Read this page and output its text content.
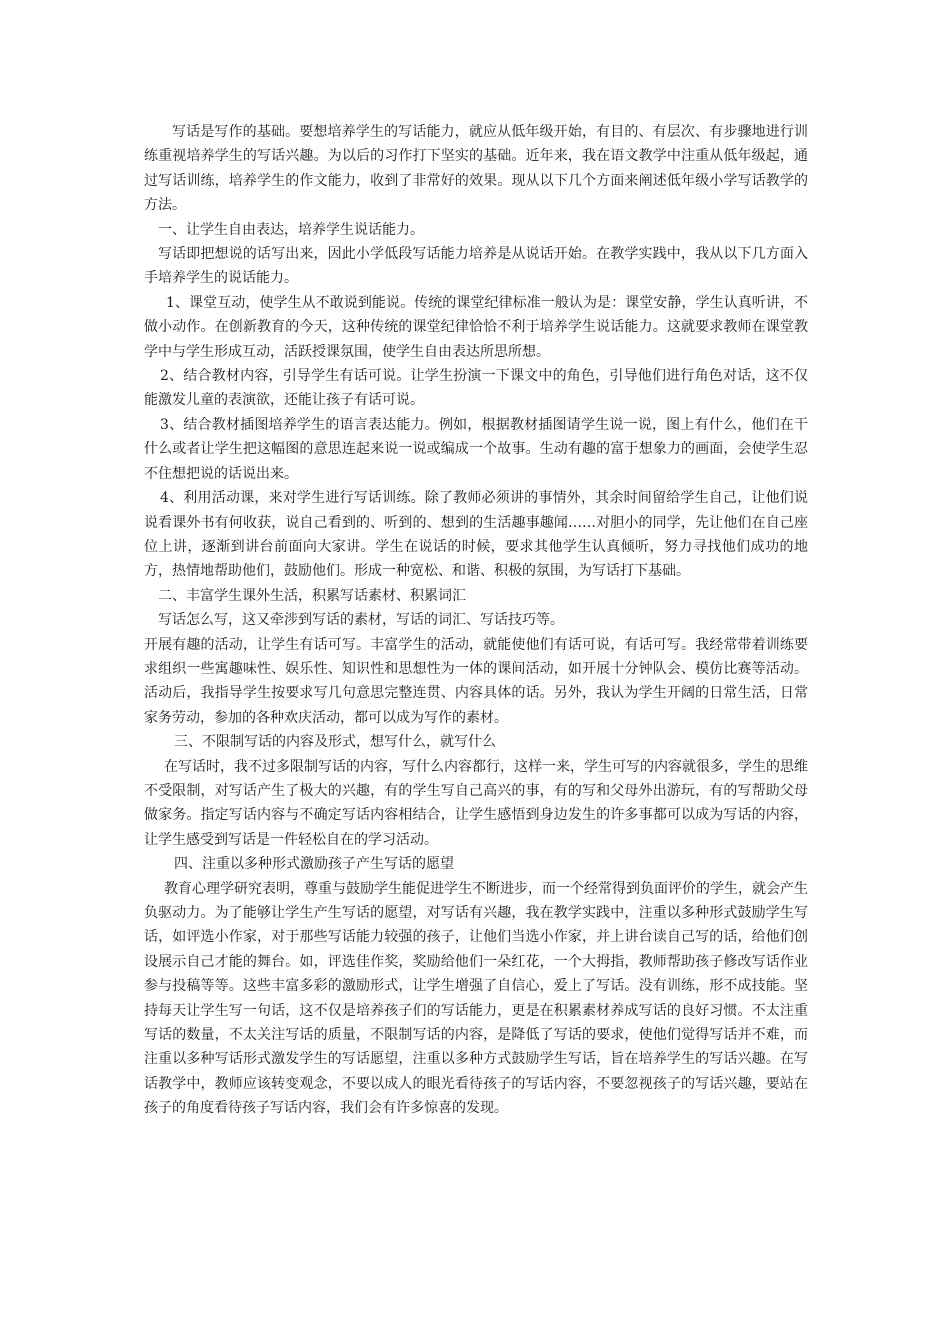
写话是写作的基础。要想培养学生的写话能力，就应从低年级开始，有目的、有层次、有步骤地进行训练重视培养学生的写话兴趣。为以后的习作打下坚实的基础。近年来，我在语文教学中注重从低年级起，通过写话训练，培养学生的作文能力，收到了非常好的效果。现从以下几个方面来阐述低年级小学写话教学的方法。

一、让学生自由表达，培养学生说话能力。

写话即把想说的话写出来，因此小学低段写话能力培养是从说话开始。在教学实践中，我从以下几方面入手培养学生的说话能力。

1、课堂互动，使学生从不敢说到能说。传统的课堂纪律标准一般认为是：课堂安静，学生认真听讲，不做小动作。在创新教育的今天，这种传统的课堂纪律恰恰不利于培养学生说话能力。这就要求教师在课堂教学中与学生形成互动，活跃授课氛围，使学生自由表达所思所想。

2、结合教材内容，引导学生有话可说。让学生扮演一下课文中的角色，引导他们进行角色对话，这不仅能激发儿童的表演欲，还能让孩子有话可说。

3、结合教材插图培养学生的语言表达能力。例如，根据教材插图请学生说一说，图上有什么，他们在干什么或者让学生把这幅图的意思连起来说一说或编成一个故事。生动有趣的富于想象力的画面，会使学生忍不住想把说的话说出来。

4、利用活动课，来对学生进行写话训练。除了教师必须讲的事情外，其余时间留给学生自己，让他们说说看课外书有何收获，说自己看到的、听到的、想到的生活趣事趣闻……对胆小的同学，先让他们在自己座位上讲，逐渐到讲台前面向大家讲。学生在说话的时候，要求其他学生认真倾听，努力寻找他们成功的地方，热情地帮助他们，鼓励他们。形成一种宽松、和谐、积极的氛围，为写话打下基础。

二、丰富学生课外生活，积累写话素材、积累词汇

写话怎么写，这又牵涉到写话的素材，写话的词汇、写话技巧等。

开展有趣的活动，让学生有话可写。丰富学生的活动，就能使他们有话可说，有话可写。我经常带着训练要求组织一些寓趣味性、娱乐性、知识性和思想性为一体的课间活动，如开展十分钟队会、模仿比赛等活动。活动后，我指导学生按要求写几句意思完整连贯、内容具体的话。另外，我认为学生开阔的日常生活，日常家务劳动，参加的各种欢庆活动，都可以成为写作的素材。

三、不限制写话的内容及形式，想写什么，就写什么

在写话时，我不过多限制写话的内容，写什么内容都行，这样一来，学生可写的内容就很多，学生的思维不受限制，对写话产生了极大的兴趣，有的学生写自己高兴的事，有的写和父母外出游玩，有的写帮助父母做家务。指定写话内容与不确定写话内容相结合，让学生感悟到身边发生的许多事都可以成为写话的内容，让学生感受到写话是一件轻松自在的学习活动。

四、注重以多种形式激励孩子产生写话的愿望

教育心理学研究表明，尊重与鼓励学生能促进学生不断进步，而一个经常得到负面评价的学生，就会产生负驱动力。为了能够让学生产生写话的愿望，对写话有兴趣，我在教学实践中，注重以多种形式鼓励学生写话，如评选小作家，对于那些写话能力较强的孩子，让他们当选小作家，并上讲台读自己写的话，给他们创设展示自己才能的舞台。如，评选佳作奖，奖励给他们一朵红花，一个大拇指，教师帮助孩子修改写话作业参与投稿等等。这些丰富多彩的激励形式，让学生增强了自信心，爱上了写话。没有训练，形不成技能。坚持每天让学生写一句话，这不仅是培养孩子们的写话能力，更是在积累素材养成写话的良好习惯。不太注重写话的数量，不太关注写话的质量，不限制写话的内容，是降低了写话的要求，使他们觉得写话并不难，而注重以多种写话形式激发学生的写话愿望，注重以多种方式鼓励学生写话，旨在培养学生的写话兴趣。在写话教学中，教师应该转变观念，不要以成人的眼光看待孩子的写话内容，不要忽视孩子的写话兴趣，要站在孩子的角度看待孩子写话内容，我们会有许多惊喜的发现。
